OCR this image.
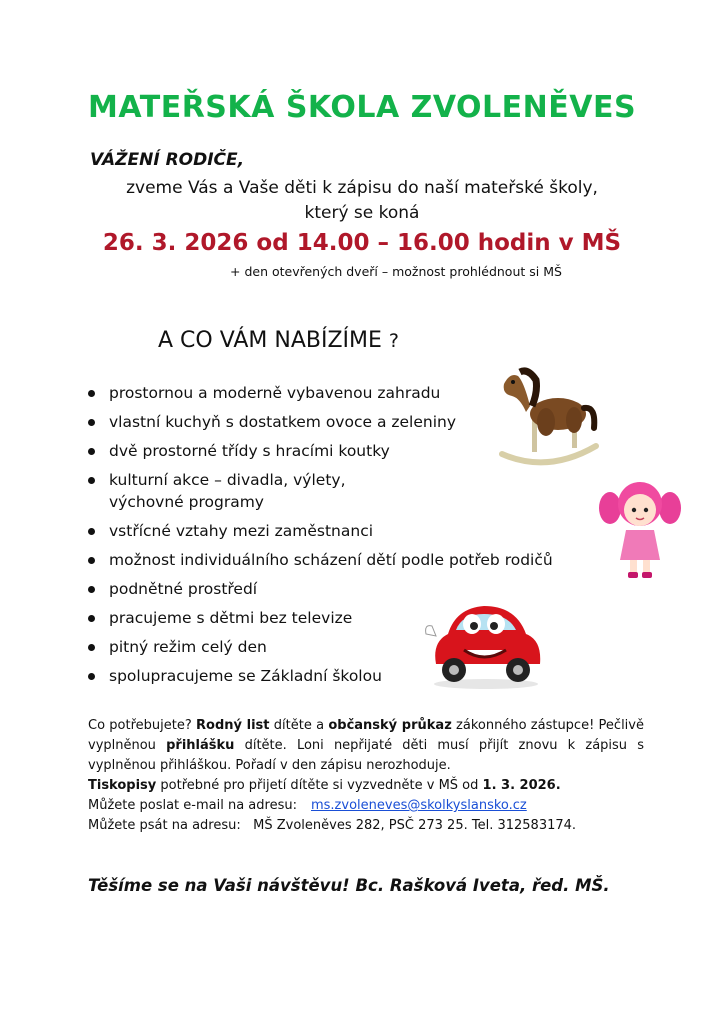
MATEŘSKÁ ŠKOLA ZVOLENĚVES
VÁŽENÍ RODIČE,
zveme Vás a Vaše děti k zápisu do naší mateřské školy,
který se koná
26. 3. 2026 od 14.00 – 16.00 hodin v MŠ
+ den otevřených dveří – možnost prohlédnout si MŠ
A CO VÁM NABÍZÍME ?
prostornou a moderně vybavenou zahradu
vlastní kuchyň s dostatkem ovoce a zeleniny
dvě prostorné třídy s hracími koutky
kulturní akce – divadla, výlety, výchovné programy
vstřícné vztahy mezi zaměstnanci
možnost individuálního scházení dětí podle potřeb rodičů
podnětné prostředí
pracujeme s dětmi bez televize
pitný režim celý den
spolupracujeme se Základní školou

Co potřebujete? Rodný list dítěte a občanský průkaz zákonného zástupce! Pečlivě vyplněnou přihlášku dítěte. Loni nepřijaté děti musí přijít znovu k zápisu s vyplněnou přihláškou. Pořadí v den zápisu nerozhoduje.

Tiskopisy potřebné pro přijetí dítěte si vyzvedněte v MŠ od 1. 3. 2026.

Můžete poslat e-mail na adresu: ms.zvoleneves@skolkyslansko.cz

Můžete psát na adresu:   MŠ Zvoleněves 282, PSČ 273 25. Tel. 312583174.

Těšíme se na Vaši návštěvu! Bc. Rašková Iveta, řed. MŠ.
